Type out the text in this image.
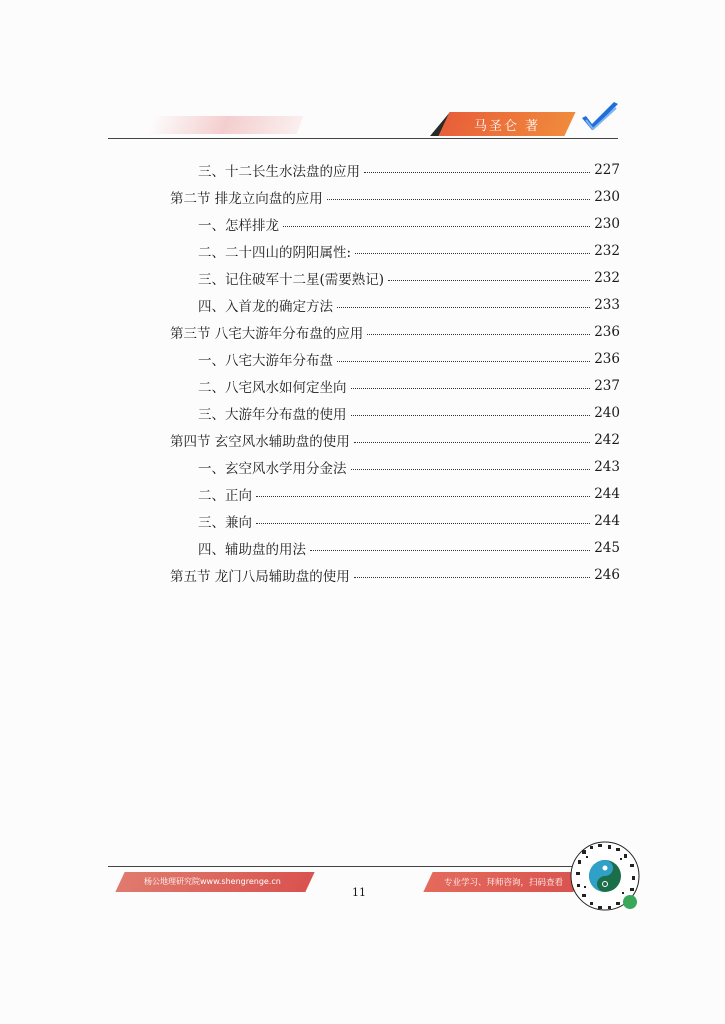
马圣仑 著
三、十二长生水法盘的应用	227
第二节 排龙立向盘的应用	230
一、怎样排龙	230
二、二十四山的阴阳属性:	232
三、记住破军十二星(需要熟记)	232
四、入首龙的确定方法	233
第三节 八宅大游年分布盘的应用	236
一、八宅大游年分布盘	236
二、八宅风水如何定坐向	237
三、大游年分布盘的使用	240
第四节 玄空风水辅助盘的使用	242
一、玄空风水学用分金法	243
二、正向	244
三、兼向	244
四、辅助盘的用法	245
第五节 龙门八局辅助盘的使用	246
杨公地理研究院www.shengrenge.cn
11
专业学习、拜师咨询，扫码查看
